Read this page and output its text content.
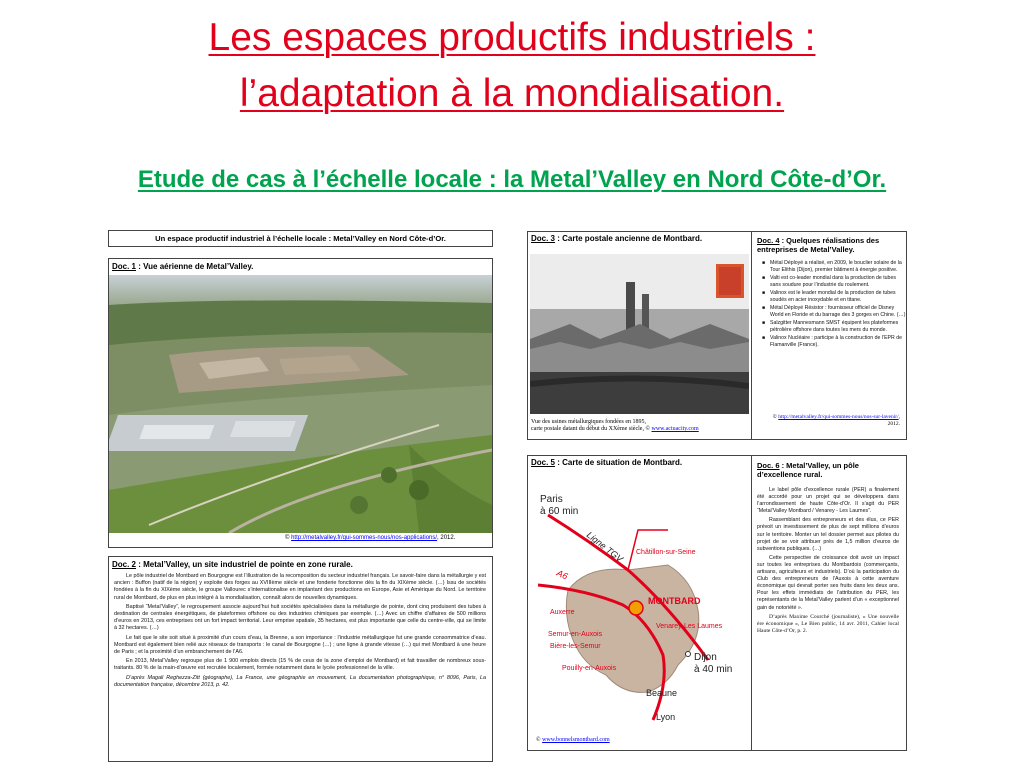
Les espaces productifs industriels :
l’adaptation à la mondialisation.
Etude de cas à l’échelle locale : la Metal’Valley en Nord Côte-d’Or.
Un espace productif industriel à l’échelle locale : Metal’Valley en Nord Côte-d’Or.
Doc. 1 : Vue aérienne de Metal’Valley.
© http://metalvalley.fr/qui-sommes-nous/nos-applications/, 2012.
Doc. 2 : Metal’Valley, un site industriel de pointe en zone rurale.

Le pôle industriel de Montbard en Bourgogne est l’illustration de la recomposition du secteur industriel français. Le savoir-faire dans la métallurgie y est ancien : Buffon (natif de la région) y exploite des forges au XVIIIème siècle et une fonderie fonctionne dès la fin du XIXème siècle. (…) Issu de sociétés fondées à la fin du XIXème siècle, le groupe Vallourec s’internationalise en implantant des productions en Europe, Asie et Amérique du Nord. Le territoire rural de Montbard, de plus en plus intégré à la mondialisation, connaît alors de nouvelles dynamiques.

Baptisé “Metal’Valley”, le regroupement associe aujourd’hui huit sociétés spécialisées dans la métallurgie de pointe, dont cinq produisent des tubes à destination de centrales énergétiques, de plateformes offshore ou des industries chimiques par exemple. (…) Avec un chiffre d’affaires de 500 millions d’euros en 2013, ces entreprises ont un fort impact territorial. Leur emprise spatiale, 35 hectares, est plus importante que celle du centre-ville, qui se limite à 32 hectares. (…)

Le fait que le site soit situé à proximité d’un cours d’eau, la Brenne, a son importance : l’industrie métallurgique fut une grande consommatrice d’eau. Montbard est également bien relié aux réseaux de transports : le canal de Bourgogne (…) ; une ligne à grande vitesse (…) qui met Montbard à une heure de Paris ; et la proximité d’un embranchement de l’A6.

En 2013, Metal’Valley regroupe plus de 1 900 emplois directs (15 % de ceux de la zone d’emploi de Montbard) et fait travailler de nombreux sous-traitants. 80 % de la main-d’œuvre est recrutée localement, formée notamment dans le lycée professionnel de la ville.

D’après Magali Reghezza-Zitt (géographe), La France, une géographie en mouvement, La documentation photographique, n° 8096, Paris, La documentation française, décembre 2013, p. 42.

Doc. 3 : Carte postale ancienne de Montbard.
Vue des usines métallurgiques fondées en 1895,
carte postale datant du début du XXème siècle, © www.actuacity.com
Doc. 4 : Quelques réalisations des entreprises de Metal’Valley.
■ Métal Déployé a réalisé, en 2009, le bouclier solaire de la Tour Elithis (Dijon), premier bâtiment à énergie positive.
■ Valti est co-leader mondial dans la production de tubes sans soudure pour l’industrie du roulement.
■ Valinox est le leader mondial de la production de tubes soudés en acier inoxydable et en titane.
■ Métal Déployé Résistor : fournisseur officiel de Disney World en Floride et du barrage des 3 gorges en Chine. (…)
■ Salzgitter Mannesmann SMST équipent les plateformes pétrolière offshore dans toutes les mers du monde.
■ Valinox Nucléaire : participe à la construction de l’EPR de Flamanville (France).
© http://metalvalley.fr/qui-sommes-nous/nos-sur-lavenir/, 2012.
Doc. 5 : Carte de situation de Montbard.
Paris
à 60 min
Ligne TGV
A6
Châtillon-sur-Seine
MONTBARD
Auxerre
Venarey-Les Laumes
Semur-en-Auxois
Bière-les-Semur
Pouilly-en-Auxois
Dijon
à 40 min
Beaune
Lyon
© www.bonnelsmontbard.com
Doc. 6 : Metal’Valley, un pôle d’excellence rural.

Le label pôle d’excellence rurale (PER) a finalement été accordé pour un projet qui se développera dans l’arrondissement de haute Côte-d’Or. Il s’agit du PER “Metal’Valley Montbard / Venarey - Les Laumes”.

Rassemblant des entrepreneurs et des élus, ce PER prévoit un investissement de plus de sept millions d’euros sur le territoire. Monter un tel dossier permet aux pilotes du projet de se voir attribuer près de 1,5 million d’euros de subventions publiques. (…)

Cette perspective de croissance doit avoir un impact sur toutes les entreprises du Montbardois (commerçants, artisans, agriculteurs et industriels). D’où la participation du Club des entrepreneurs de l’Auxois à cette aventure économique qui devrait porter ses fruits dans les deux ans. Pour les effets immédiats de l’attribution du PER, les représentants de la Metal’Valley parlent d’un « exceptionnel gain de notoriété ».

D’après Maxime Courché (journaliste), « Une nouvelle ère économique », Le Bien public, 14 avr. 2011, Cahier local Haute Côte-d’Or, p. 2.
